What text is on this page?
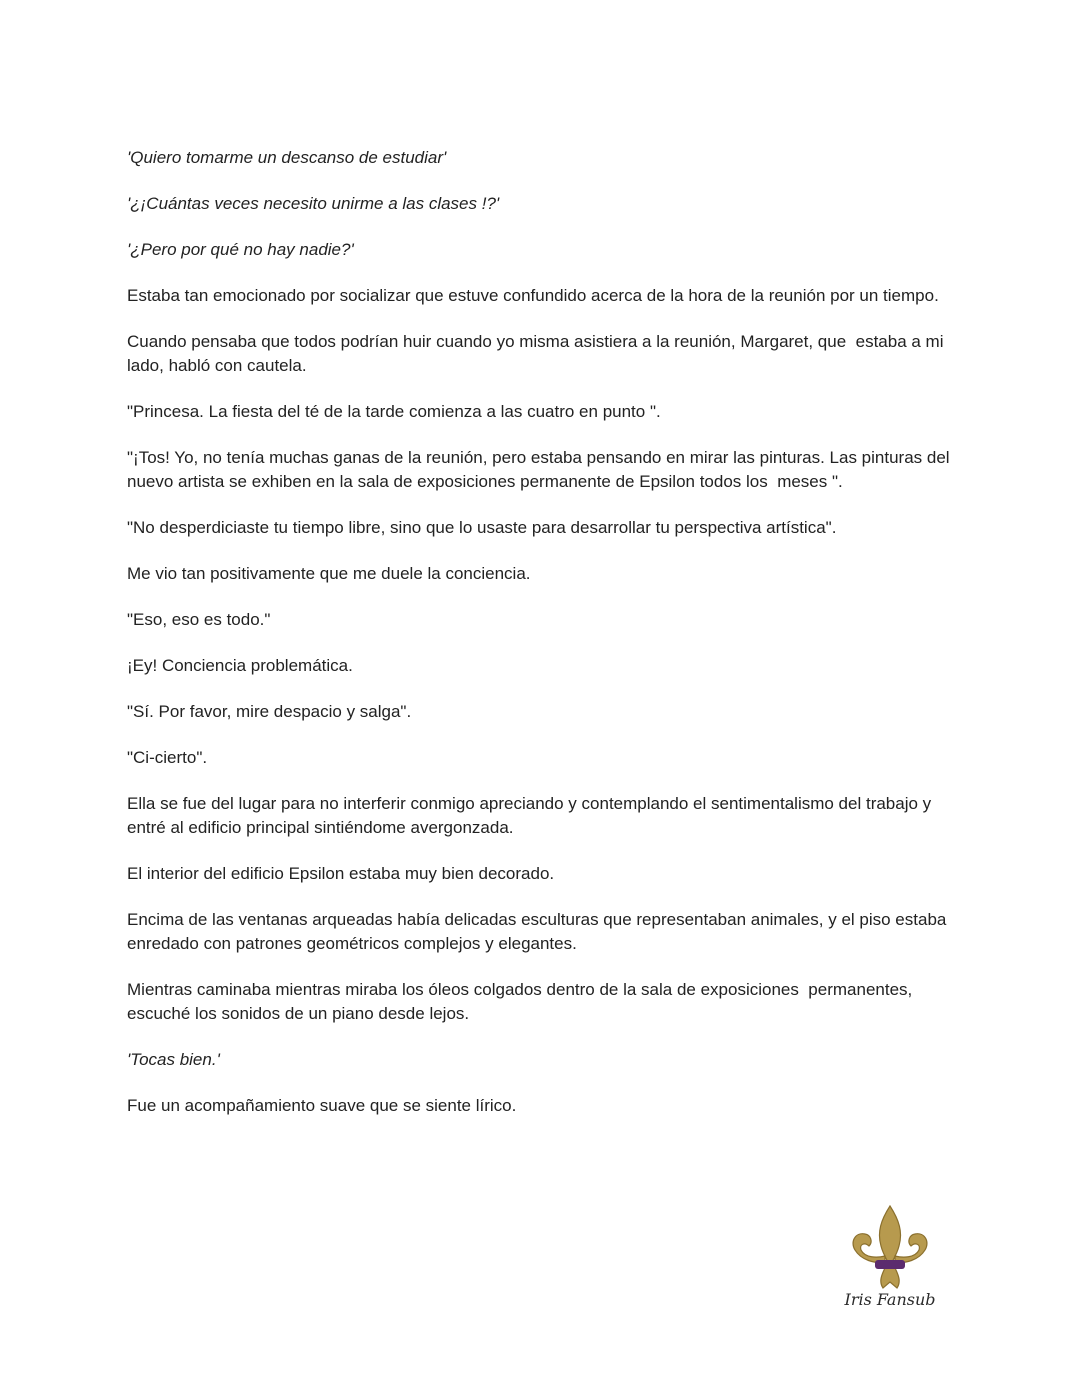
'Quiero tomarme un descanso de estudiar'

'¿¡Cuántas veces necesito unirme a las clases !?'

'¿Pero por qué no hay nadie?'

Estaba tan emocionado por socializar que estuve confundido acerca de la hora de la reunión por un tiempo.

Cuando pensaba que todos podrían huir cuando yo misma asistiera a la reunión, Margaret, que  estaba a mi lado, habló con cautela.

"Princesa. La fiesta del té de la tarde comienza a las cuatro en punto ".

"¡Tos! Yo, no tenía muchas ganas de la reunión, pero estaba pensando en mirar las pinturas. Las pinturas del nuevo artista se exhiben en la sala de exposiciones permanente de Epsilon todos los  meses ".

"No desperdiciaste tu tiempo libre, sino que lo usaste para desarrollar tu perspectiva artística".

Me vio tan positivamente que me duele la conciencia.

"Eso, eso es todo."

¡Ey! Conciencia problemática.

"Sí. Por favor, mire despacio y salga".

"Ci-cierto".

Ella se fue del lugar para no interferir conmigo apreciando y contemplando el sentimentalismo del trabajo y entré al edificio principal sintiéndome avergonzada.

El interior del edificio Epsilon estaba muy bien decorado.

Encima de las ventanas arqueadas había delicadas esculturas que representaban animales, y el piso estaba enredado con patrones geométricos complejos y elegantes.

Mientras caminaba mientras miraba los óleos colgados dentro de la sala de exposiciones  permanentes, escuché los sonidos de un piano desde lejos.

'Tocas bien.'

Fue un acompañamiento suave que se siente lírico.

Iris Fansub
